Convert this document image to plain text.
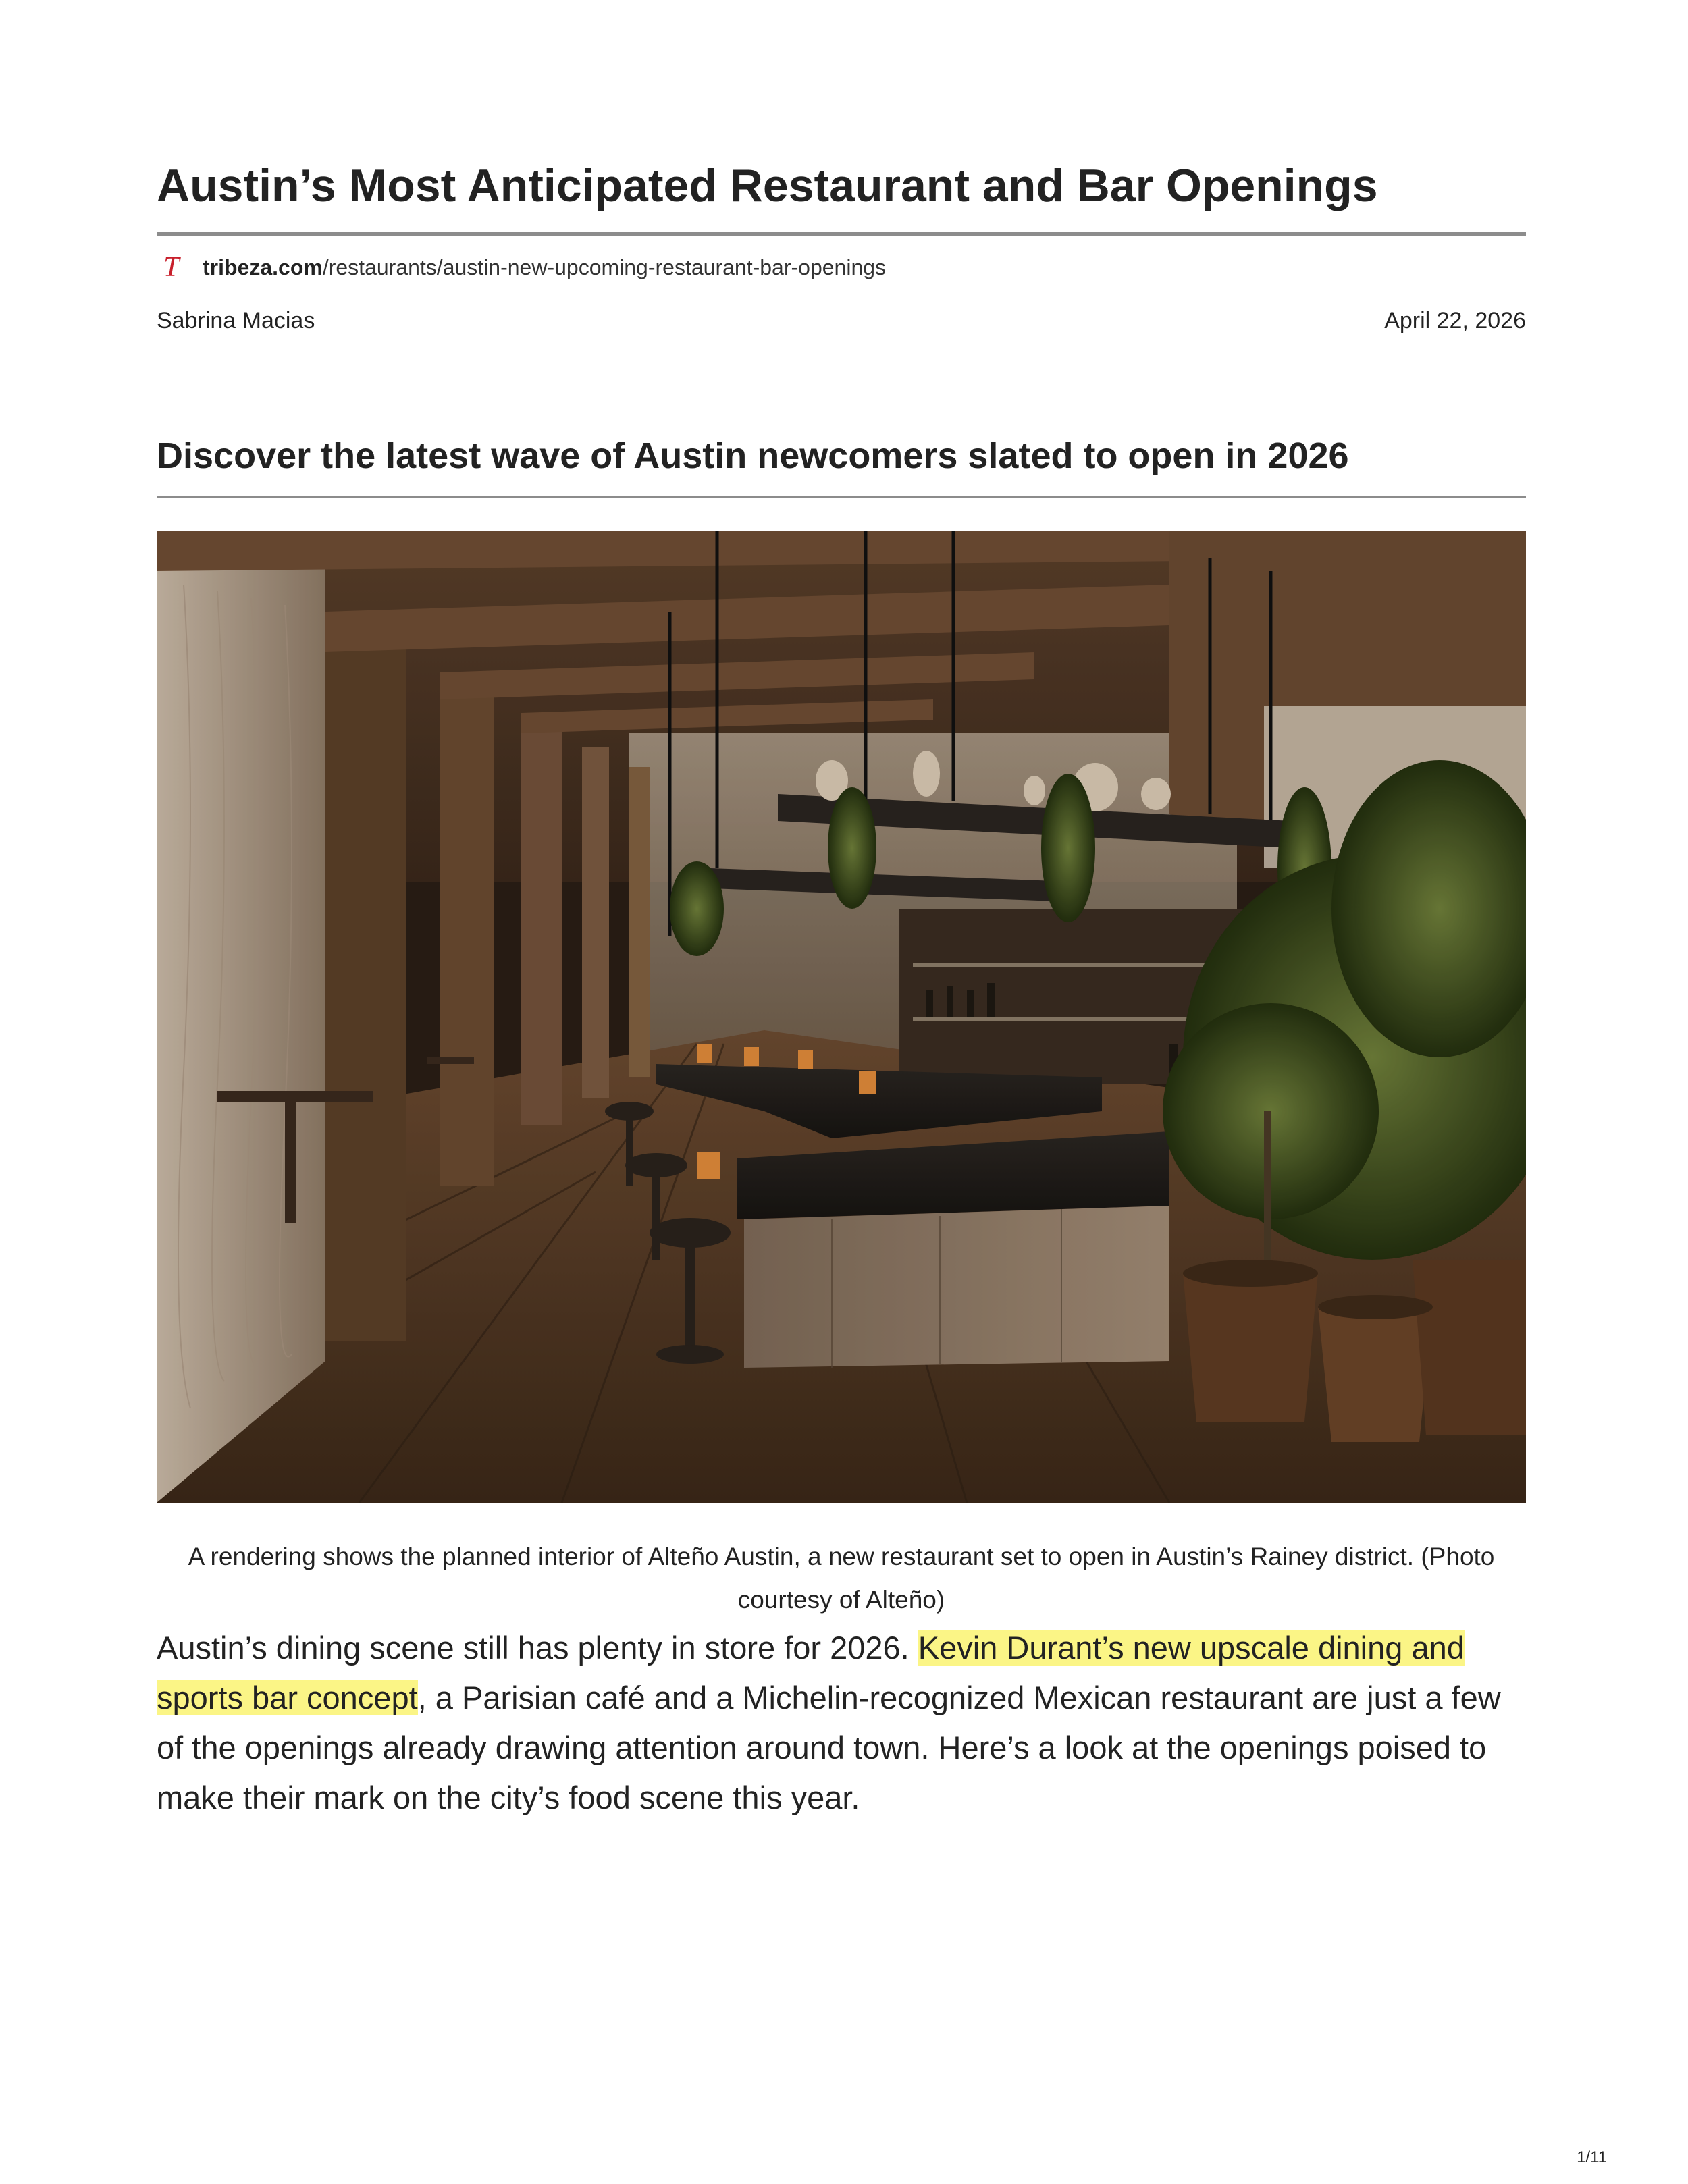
Austin’s Most Anticipated Restaurant and Bar Openings
T	tribeza.com /restaurants/austin-new-upcoming-restaurant-bar-openings
Sabrina Macias	April 22, 2026
Discover the latest wave of Austin newcomers slated to open in 2026

A rendering shows the planned interior of Alteño Austin, a new restaurant set to open in Austin’s Rainey district. (Photo courtesy of Alteño)

Austin’s dining scene still has plenty in store for 2026. Kevin Durant’s new upscale dining and sports bar concept, a Parisian café and a Michelin-recognized Mexican restaurant are just a few of the openings already drawing attention around town. Here’s a look at the openings poised to make their mark on the city’s food scene this year.

1/11
